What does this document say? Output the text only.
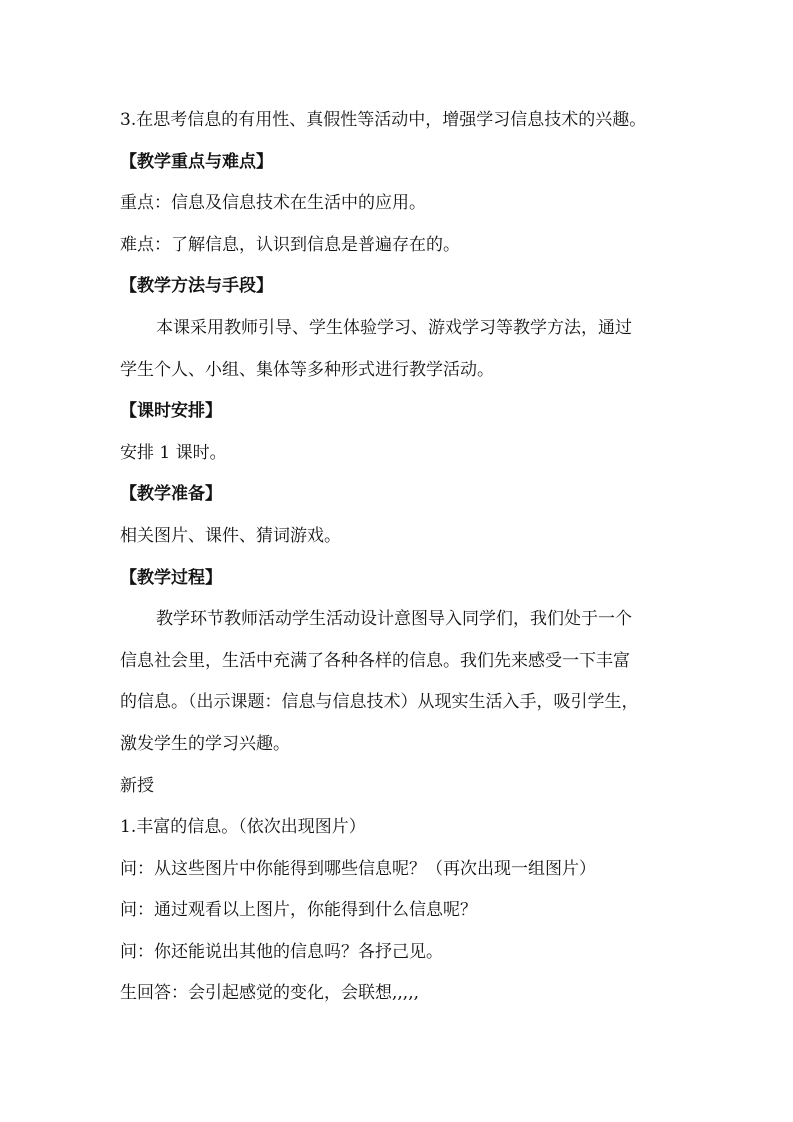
3.在思考信息的有用性、真假性等活动中，增强学习信息技术的兴趣。

【教学重点与难点】

重点：信息及信息技术在生活中的应用。

难点：了解信息，认识到信息是普遍存在的。

【教学方法与手段】

本课采用教师引导、学生体验学习、游戏学习等教学方法，通过

学生个人、小组、集体等多种形式进行教学活动。

【课时安排】

安排 1 课时。

【教学准备】

相关图片、课件、猜词游戏。

【教学过程】

教学环节教师活动学生活动设计意图导入同学们，我们处于一个

信息社会里，生活中充满了各种各样的信息。我们先来感受一下丰富

的信息。（出示课题：信息与信息技术）从现实生活入手，吸引学生，

激发学生的学习兴趣。

新授

1.丰富的信息。（依次出现图片）

问：从这些图片中你能得到哪些信息呢？（再次出现一组图片）

问：通过观看以上图片，你能得到什么信息呢？

问：你还能说出其他的信息吗？各抒己见。

生回答：会引起感觉的变化，会联想,,,,,
